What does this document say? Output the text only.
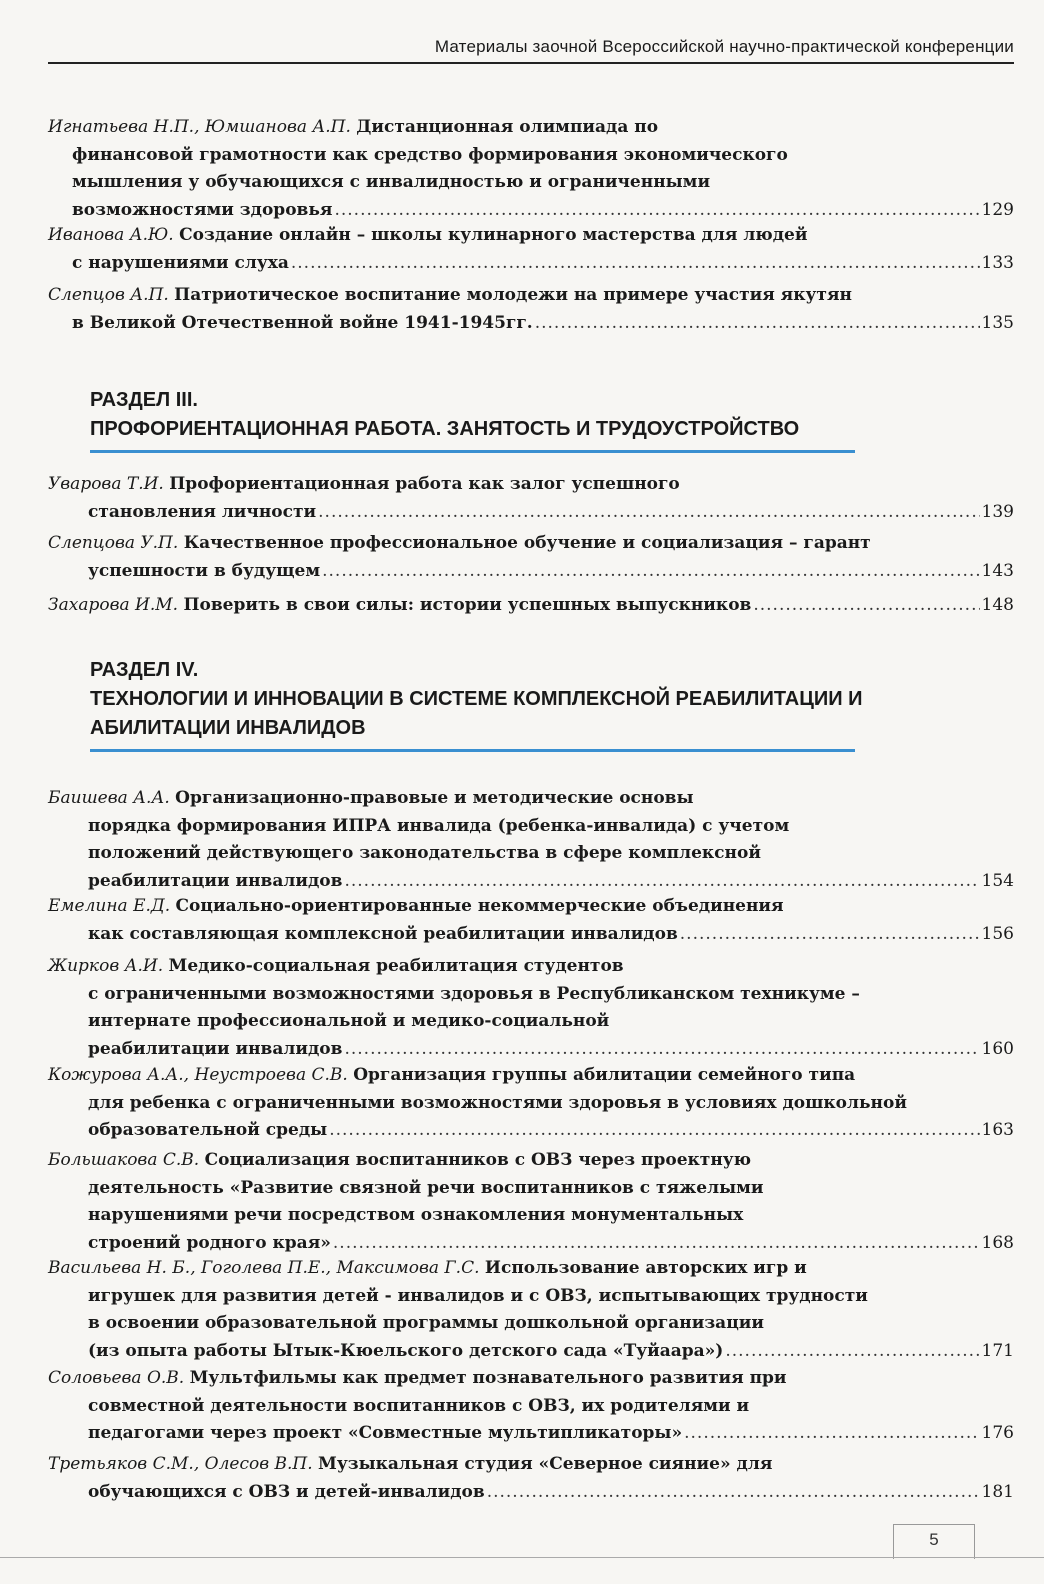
Материалы заочной Всероссийской научно-практической конференции
Игнатьева Н.П., Юмшанова А.П. Дистанционная олимпиада по
финансовой грамотности как средство формирования экономического
мышления у обучающихся с инвалидностью и ограниченными
возможностями здоровья .....	129
Иванова А.Ю. Создание онлайн – школы кулинарного мастерства для людей
с нарушениями слуха .....	133
Слепцов А.П. Патриотическое воспитание молодежи на примере участия якутян
в Великой Отечественной войне 1941-1945гг. .....	135
РАЗДЕЛ III.
ПРОФОРИЕНТАЦИОННАЯ РАБОТА. ЗАНЯТОСТЬ И ТРУДОУСТРОЙСТВО
Уварова Т.И. Профориентационная работа как залог успешного
становления личности .....	139
Слепцова У.П. Качественное профессиональное обучение и социализация – гарант
успешности в будущем .....	143
Захарова И.М.
Поверить в свои силы: истории успешных выпускников .....	148
РАЗДЕЛ IV.
ТЕХНОЛОГИИ И ИННОВАЦИИ В СИСТЕМЕ КОМПЛЕКСНОЙ РЕАБИЛИТАЦИИ И
АБИЛИТАЦИИ ИНВАЛИДОВ
Баишева А.А. Организационно-правовые и методические основы
порядка формирования ИПРА инвалида (ребенка-инвалида) с учетом
положений действующего законодательства в сфере комплексной
реабилитации инвалидов .....	154
Емелина Е.Д. Социально-ориентированные некоммерческие объединения
как составляющая комплексной реабилитации инвалидов .....	156
Жирков А.И. Медико-социальная реабилитация студентов
с ограниченными возможностями здоровья в Республиканском техникуме –
интернате профессиональной и медико-социальной
реабилитации инвалидов .....	160
Кожурова А.А., Неустроева С.В. Организация группы абилитации семейного типа
для ребенка с ограниченными возможностями здоровья в условиях дошкольной
образовательной среды .....	163
Большакова С.В. Социализация воспитанников с ОВЗ через проектную
деятельность «Развитие связной речи воспитанников с тяжелыми
нарушениями речи посредством ознакомления монументальных
строений родного края» .....	168
Васильева Н. Б., Гоголева П.Е., Максимова Г.С. Использование авторских игр и
игрушек для развития детей - инвалидов и с ОВЗ, испытывающих трудности
в освоении образовательной программы дошкольной организации
(из опыта работы Ытык-Кюельского детского сада «Туйаара») .....	171
Соловьева О.В. Мультфильмы как предмет познавательного развития при
совместной деятельности воспитанников с ОВЗ, их родителями и
педагогами через проект «Совместные мультипликаторы» .....	176
Третьяков С.М., Олесов В.П. Музыкальная студия «Северное сияние» для
обучающихся с ОВЗ и детей-инвалидов .....	181
5
